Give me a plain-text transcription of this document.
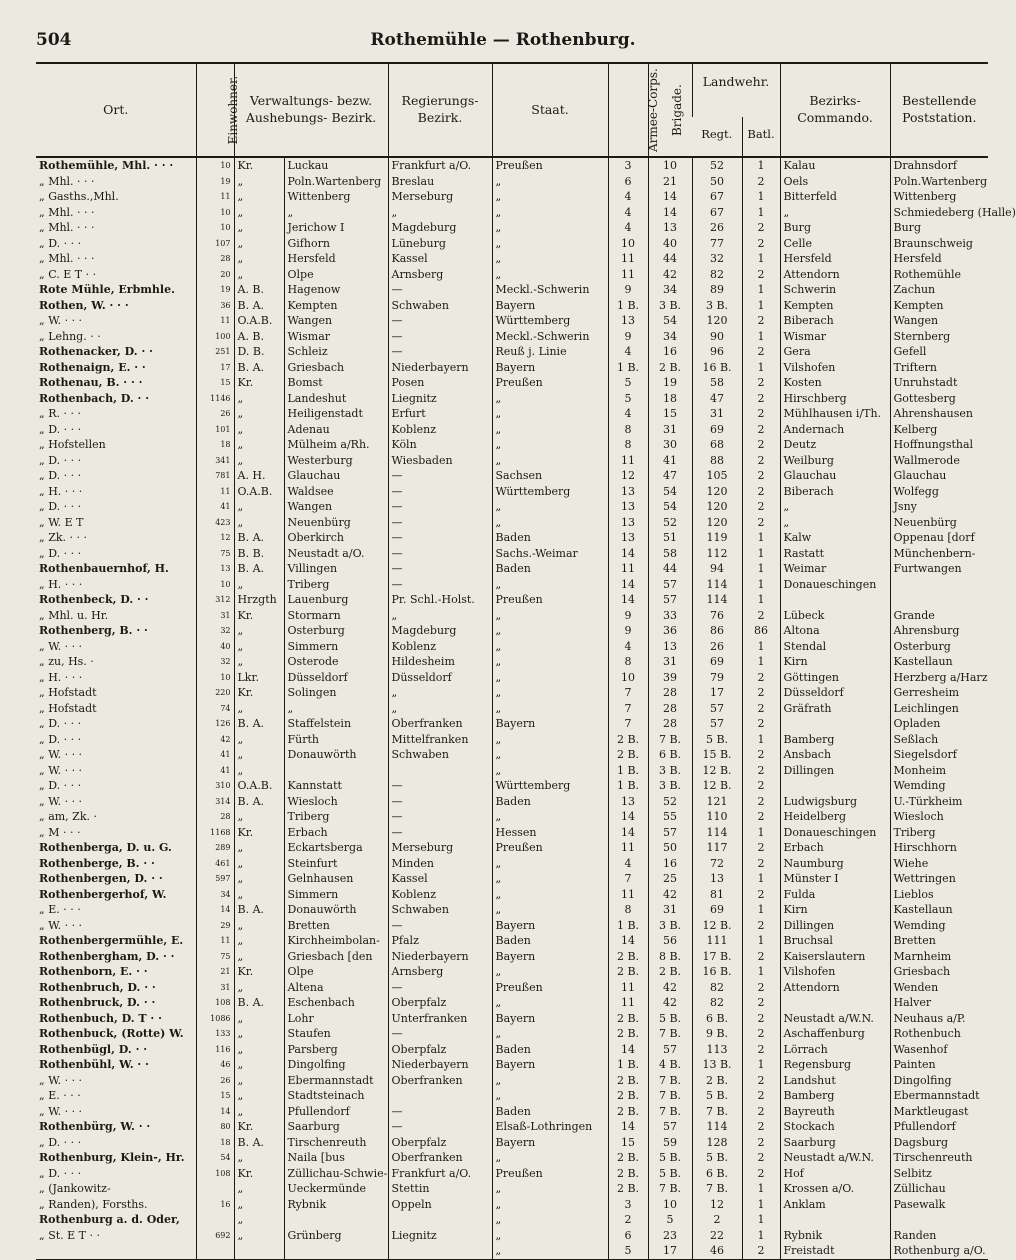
504	Rothemühle — Rothenburg.
Ort.	Einwohner.	Verwaltungs- bezw. Aushebungs- Bezirk.		Regierungs- Bezirk.	Staat.	Armee-Corps.	Brigade.	Landwehr.		Bezirks- Commando.	Bestellende Poststation.
								Regt.	Batl.		
Rothemühle, Mhl. · · ·	10	Kr.	Luckau	Frankfurt a/O.	Preußen	3	10	52	1	Kalau	Drahnsdorf
„ Mhl. · · ·	19	„	Poln.Wartenberg	Breslau	„	6	21	50	2	Oels	Poln.Wartenberg
„ Gasths.,Mhl.	11	„	Wittenberg	Merseburg	„	4	14	67	1	Bitterfeld	Wittenberg
„ Mhl. · · ·	10	„	„	„	„	4	14	67	1	„	Schmiedeberg (Halle)
„ Mhl. · · ·	10	„	Jerichow I	Magdeburg	„	4	13	26	2	Burg	Burg
„ D. · · ·	107	„	Gifhorn	Lüneburg	„	10	40	77	2	Celle	Braunschweig
„ Mhl. · · ·	28	„	Hersfeld	Kassel	„	11	44	32	1	Hersfeld	Hersfeld
„ C. E T · ·	20	„	Olpe	Arnsberg	„	11	42	82	2	Attendorn	Rothemühle
Rote Mühle, Erbmhle.	19	A. B.	Hagenow	—	Meckl.-Schwerin	9	34	89	1	Schwerin	Zachun
Rothen, W. · · ·	36	B. A.	Kempten	Schwaben	Bayern	1 B.	3 B.	3 B.	1	Kempten	Kempten
„ W. · · ·	11	O.A.B.	Wangen	—	Württemberg	13	54	120	2	Biberach	Wangen
„ Lehng. · ·	100	A. B.	Wismar	—	Meckl.-Schwerin	9	34	90	1	Wismar	Sternberg
Rothenacker, D. · ·	251	D. B.	Schleiz	—	Reuß j. Linie	4	16	96	2	Gera	Gefell
Rothenaign, E. · ·	17	B. A.	Griesbach	Niederbayern	Bayern	1 B.	2 B.	16 B.	1	Vilshofen	Triftern
Rothenau, B. · · ·	15	Kr.	Bomst	Posen	Preußen	5	19	58	2	Kosten	Unruhstadt
Rothenbach, D. · ·	1146	„	Landeshut	Liegnitz	„	5	18	47	2	Hirschberg	Gottesberg
„ R. · · ·	26	„	Heiligenstadt	Erfurt	„	4	15	31	2	Mühlhausen i/Th.	Ahrenshausen
„ D. · · ·	101	„	Adenau	Koblenz	„	8	31	69	2	Andernach	Kelberg
„ Hofstellen	18	„	Mülheim a/Rh.	Köln	„	8	30	68	2	Deutz	Hoffnungsthal
„ D. · · ·	341	„	Westerburg	Wiesbaden	„	11	41	88	2	Weilburg	Wallmerode
„ D. · · ·	781	A. H.	Glauchau	—	Sachsen	12	47	105	2	Glauchau	Glauchau
„ H. · · ·	11	O.A.B.	Waldsee	—	Württemberg	13	54	120	2	Biberach	Wolfegg
„ D. · · ·	41	„	Wangen	—	„	13	54	120	2	„	Jsny
„ W. E T	423	„	Neuenbürg	—	„	13	52	120	2	„	Neuenbürg
„ Zk. · · ·	12	B. A.	Oberkirch	—	Baden	13	51	119	1	Kalw	Oppenau [dorf
„ D. · · ·	75	B. B.	Neustadt a/O.	—	Sachs.-Weimar	14	58	112	1	Rastatt	Münchenbern-
Rothenbauernhof, H.	13	B. A.	Villingen	—	Baden	11	44	94	1	Weimar	Furtwangen
„ H. · · ·	10	„	Triberg	—	„	14	57	114	1	Donaueschingen	
Rothenbeck, D. · ·	312	Hrzgth	Lauenburg	Pr. Schl.-Holst.	Preußen	14	57	114	1		
„ Mhl. u. Hr.	31	Kr.	Stormarn	„	„	9	33	76	2	Lübeck	Grande
Rothenberg, B. · ·	32	„	Osterburg	Magdeburg	„	9	36	86	86	Altona	Ahrensburg
„ W. · · ·	40	„	Simmern	Koblenz	„	4	13	26	1	Stendal	Osterburg
„ zu, Hs. ·	32	„	Osterode	Hildesheim	„	8	31	69	1	Kirn	Kastellaun
„ H. · · ·	10	Lkr.	Düsseldorf	Düsseldorf	„	10	39	79	2	Göttingen	Herzberg a/Harz
„ Hofstadt	220	Kr.	Solingen	„	„	7	28	17	2	Düsseldorf	Gerresheim
„ Hofstadt	74	„	„	„	„	7	28	57	2	Gräfrath	Leichlingen
„ D. · · ·	126	B. A.	Staffelstein	Oberfranken	Bayern	7	28	57	2		Opladen
„ D. · · ·	42	„	Fürth	Mittelfranken	„	2 B.	7 B.	5 B.	1	Bamberg	Seßlach
„ W. · · ·	41	„	Donauwörth	Schwaben	„	2 B.	6 B.	15 B.	2	Ansbach	Siegelsdorf
„ W. · · ·	41	„			„	1 B.	3 B.	12 B.	2	Dillingen	Monheim
„ D. · · ·	310	O.A.B.	Kannstatt	—	Württemberg	1 B.	3 B.	12 B.	2		Wemding
„ W. · · ·	314	B. A.	Wiesloch	—	Baden	13	52	121	2	Ludwigsburg	U.-Türkheim
„ am, Zk. ·	28	„	Triberg	—	„	14	55	110	2	Heidelberg	Wiesloch
„ M · · ·	1168	Kr.	Erbach	—	Hessen	14	57	114	1	Donaueschingen	Triberg
Rothenberga, D. u. G.	289	„	Eckartsberga	Merseburg	Preußen	11	50	117	2	Erbach	Hirschhorn
Rothenberge, B. · ·	461	„	Steinfurt	Minden	„	4	16	72	2	Naumburg	Wiehe
Rothenbergen, D. · ·	597	„	Gelnhausen	Kassel	„	7	25	13	1	Münster I	Wettringen
Rothenbergerhof, W.	34	„	Simmern	Koblenz	„	11	42	81	2	Fulda	Lieblos
„ E. · · ·	14	B. A.	Donauwörth	Schwaben	„	8	31	69	1	Kirn	Kastellaun
„ W. · · ·	29	„	Bretten	—	Bayern	1 B.	3 B.	12 B.	2	Dillingen	Wemding
Rothenbergermühle, E.	11	„	Kirchheimbolan-	Pfalz	Baden	14	56	111	1	Bruchsal	Bretten
Rothenbergham, D. · ·	75	„	Griesbach [den	Niederbayern	Bayern	2 B.	8 B.	17 B.	2	Kaiserslautern	Marnheim
Rothenborn, E. · ·	21	Kr.	Olpe	Arnsberg	„	2 B.	2 B.	16 B.	1	Vilshofen	Griesbach
Rothenbruch, D. · ·	31	„	Altena	—	Preußen	11	42	82	2	Attendorn	Wenden
Rothenbruck, D. · ·	108	B. A.	Eschenbach	Oberpfalz	„	11	42	82	2		Halver
Rothenbuch, D. T · ·	1086	„	Lohr	Unterfranken	Bayern	2 B.	5 B.	6 B.	2	Neustadt a/W.N.	Neuhaus a/P.
Rothenbuck, (Rotte) W.	133	„	Staufen	—	„	2 B.	7 B.	9 B.	2	Aschaffenburg	Rothenbuch
Rothenbügl, D. · ·	116	„	Parsberg	Oberpfalz	Baden	14	57	113	2	Lörrach	Wasenhof
Rothenbühl, W. · ·	46	„	Dingolfing	Niederbayern	Bayern	1 B.	4 B.	13 B.	1	Regensburg	Painten
„ W. · · ·	26	„	Ebermannstadt	Oberfranken	„	2 B.	7 B.	2 B.	2	Landshut	Dingolfing
„ E. · · ·	15	„	Stadtsteinach		„	2 B.	7 B.	5 B.	2	Bamberg	Ebermannstadt
„ W. · · ·	14	„	Pfullendorf	—	Baden	2 B.	7 B.	7 B.	2	Bayreuth	Marktleugast
Rothenbürg, W. · ·	80	Kr.	Saarburg	—	Elsaß-Lothringen	14	57	114	2	Stockach	Pfullendorf
„ D. · · ·	18	B. A.	Tirschenreuth	Oberpfalz	Bayern	15	59	128	2	Saarburg	Dagsburg
Rothenburg, Klein-, Hr.	54	„	Naila [bus	Oberfranken	„	2 B.	5 B.	5 B.	2	Neustadt a/W.N.	Tirschenreuth
„ D. · · ·	108	Kr.	Züllichau-Schwie-	Frankfurt a/O.	Preußen	2 B.	5 B.	6 B.	2	Hof	Selbitz
„ (Jankowitz-		„	Ueckermünde	Stettin	„	2 B.	7 B.	7 B.	1	Krossen a/O.	Züllichau
„ Randen), Forsths.	16	„	Rybnik	Oppeln	„	3	10	12	1	Anklam	Pasewalk
Rothenburg a. d. Oder,		„			„	2	5	2	1		
„ St. E T · ·	692	„	Grünberg	Liegnitz	„	6	23	22	1	Rybnik	Randen
					„	5	17	46	2	Freistadt	Rothenburg a/O.
